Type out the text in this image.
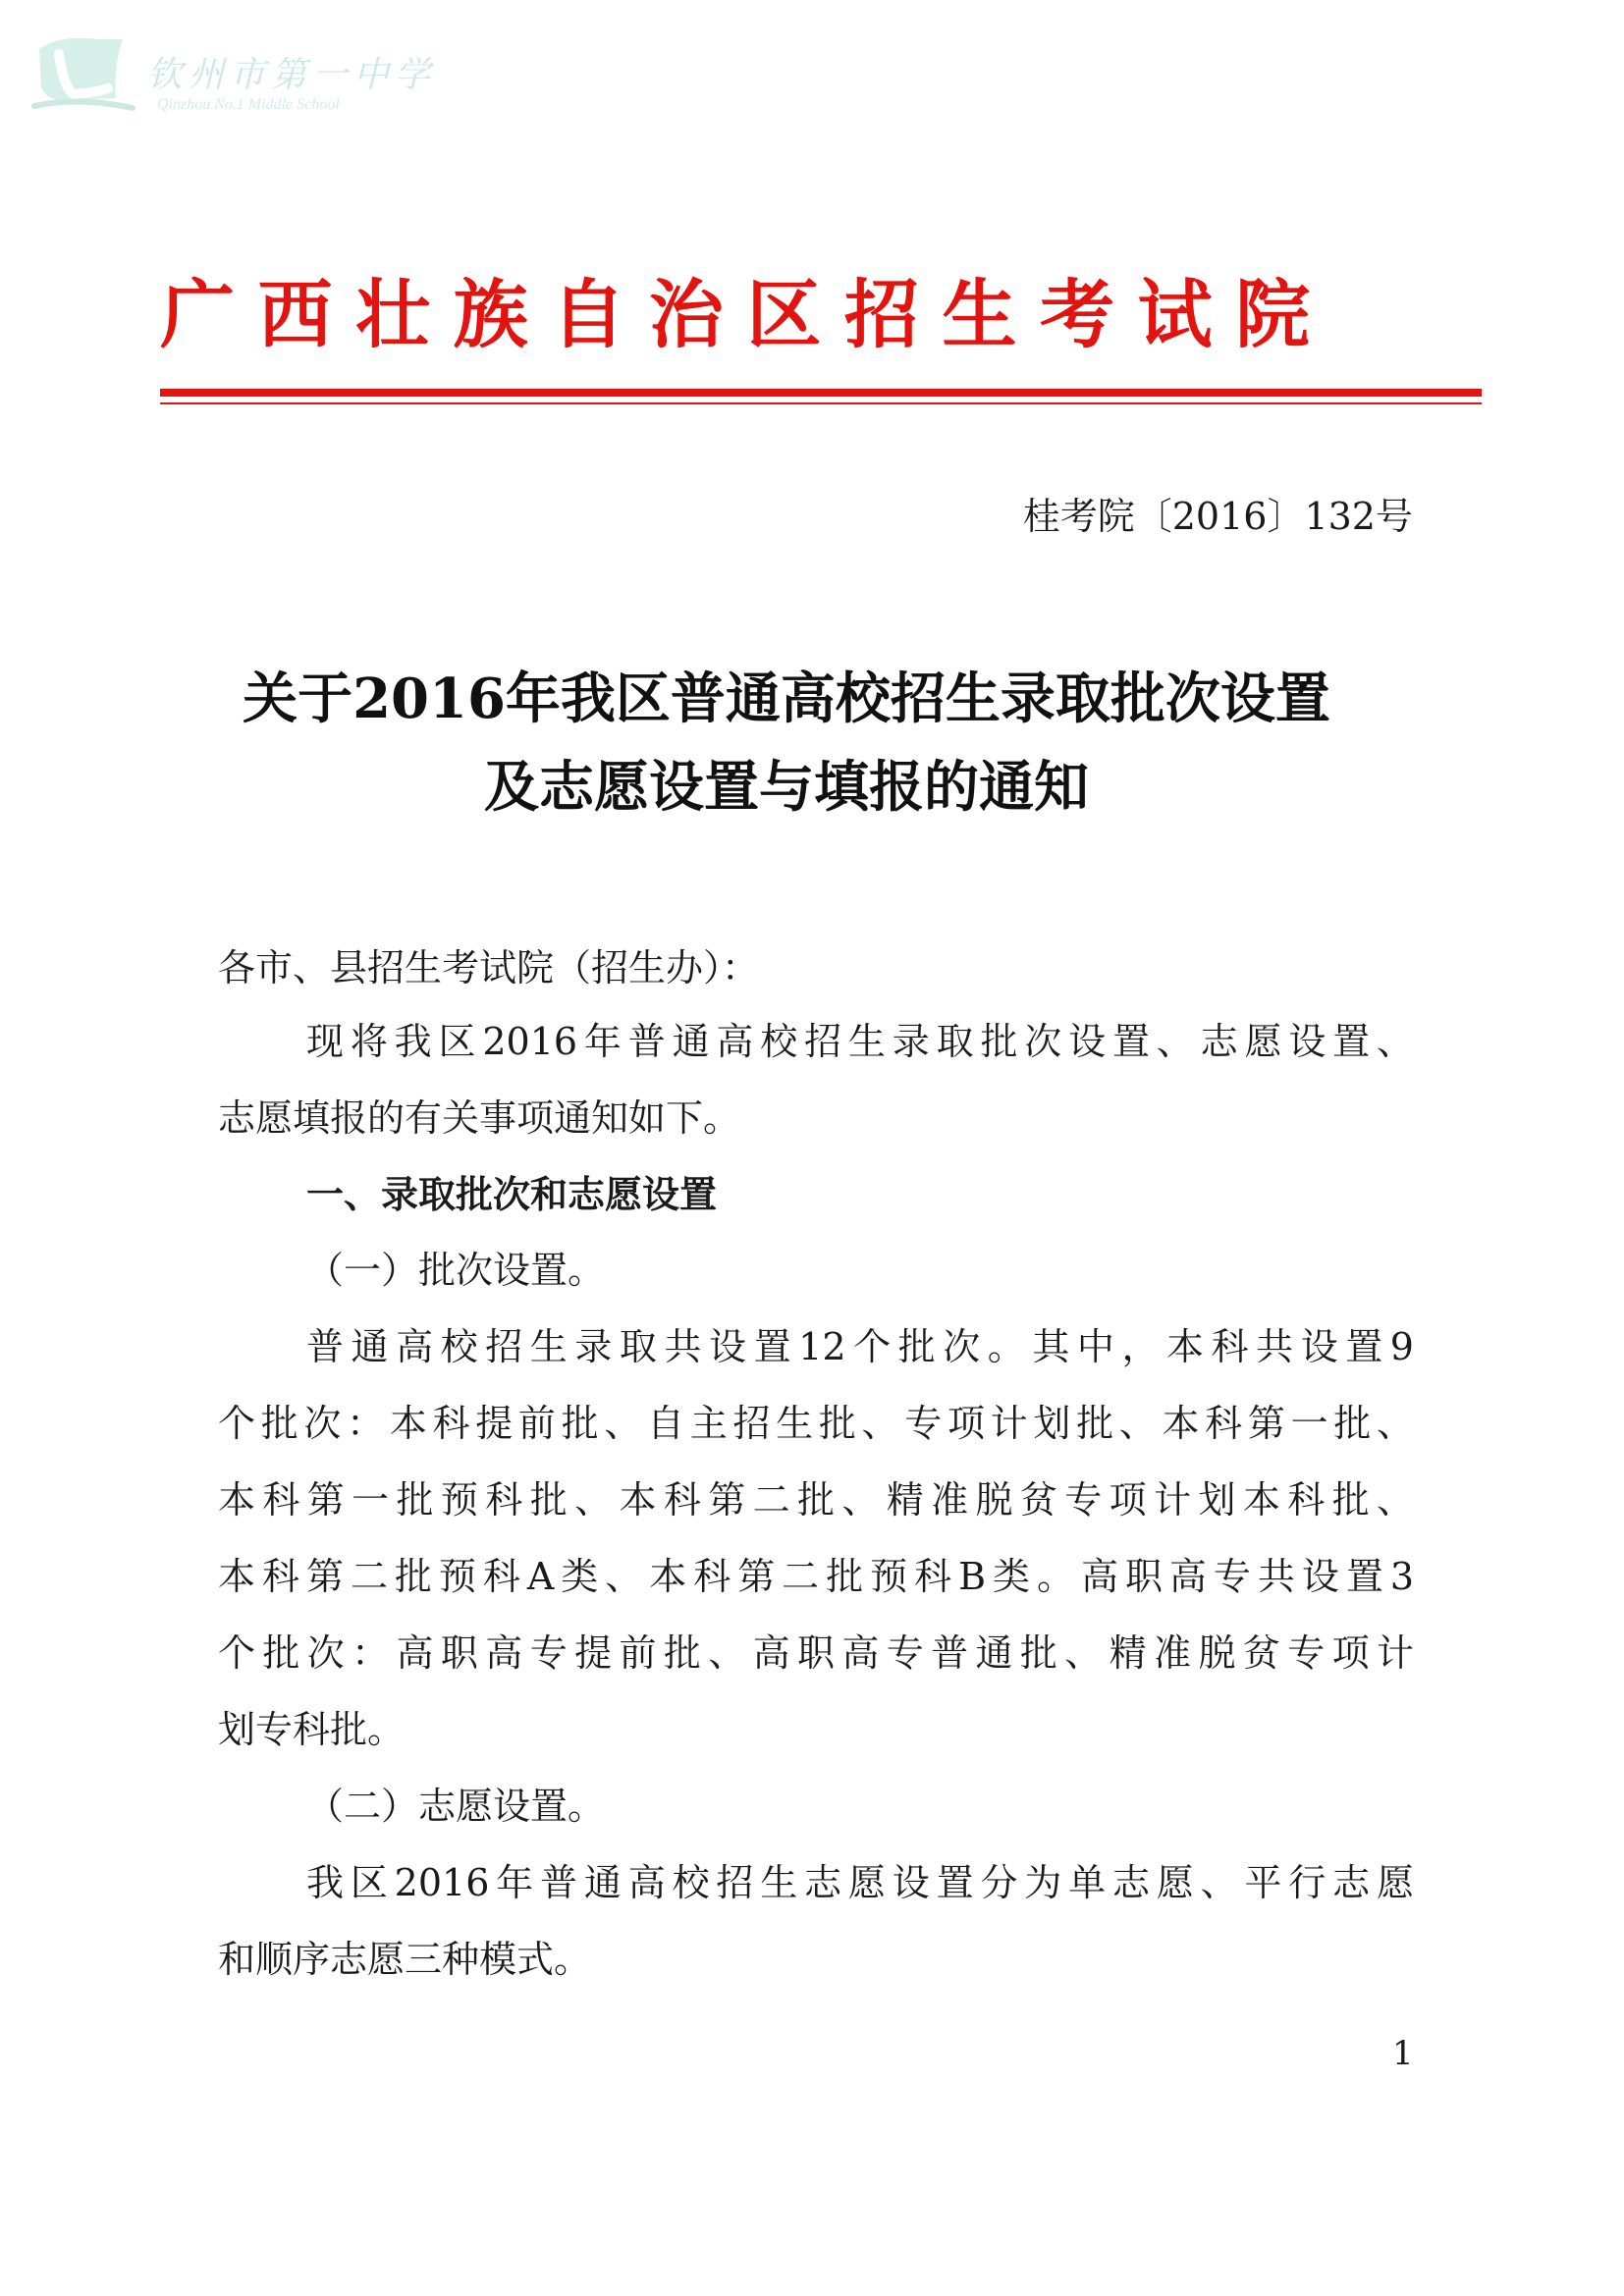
钦州市第一中学
Qinzhou No.1 Middle School
广西壮族自治区招生考试院
桂考院〔2016〕132号
关于2016年我区普通高校招生录取批次设置
及志愿设置与填报的通知
各市、县招生考试院（招生办）：
现将我区2016年普通高校招生录取批次设置、志愿设置、
志愿填报的有关事项通知如下。
一、录取批次和志愿设置
（一）批次设置。
普通高校招生录取共设置12个批次。其中，本科共设置9
个批次：本科提前批、自主招生批、专项计划批、本科第一批、
本科第一批预科批、本科第二批、精准脱贫专项计划本科批、
本科第二批预科A类、本科第二批预科B类。高职高专共设置3
个批次：高职高专提前批、高职高专普通批、精准脱贫专项计
划专科批。
（二）志愿设置。
我区2016年普通高校招生志愿设置分为单志愿、平行志愿
和顺序志愿三种模式。
1
